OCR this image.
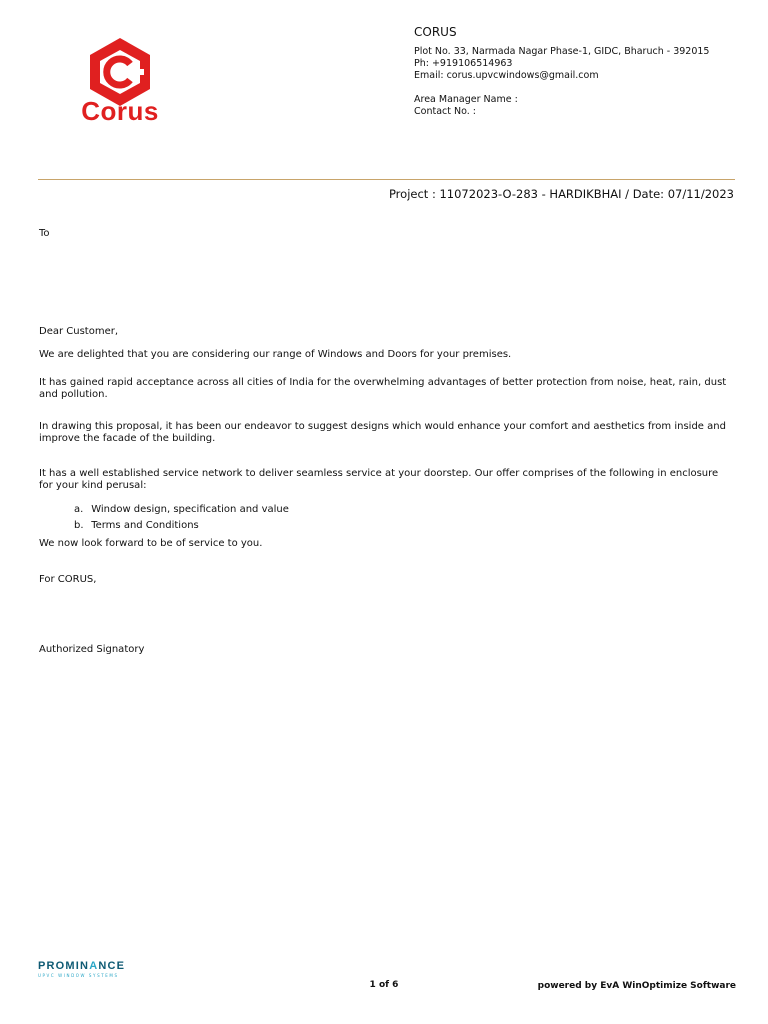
Corus
CORUS
Plot No. 33, Narmada Nagar Phase-1, GIDC, Bharuch - 392015
Ph: +919106514963
Email: corus.upvcwindows@gmail.com
Area Manager Name :
Contact No. :
Project : 11072023-O-283 - HARDIKBHAI / Date: 07/11/2023
To
Dear Customer,
We are delighted that you are considering our range of Windows and Doors for your premises.
It has gained rapid acceptance across all cities of India for the overwhelming advantages of better protection from noise, heat, rain, dust and pollution.
In drawing this proposal, it has been our endeavor to suggest designs which would enhance your comfort and aesthetics from inside and improve the facade of the building.
It has a well established service network to deliver seamless service at your doorstep. Our offer comprises of the following in enclosure for your kind perusal:
a. Window design, specification and value
b. Terms and Conditions
We now look forward to be of service to you.
For CORUS,
Authorized Signatory
PROMINANCE
UPVC WINDOW SYSTEMS
1 of 6	powered by EvA WinOptimize Software
